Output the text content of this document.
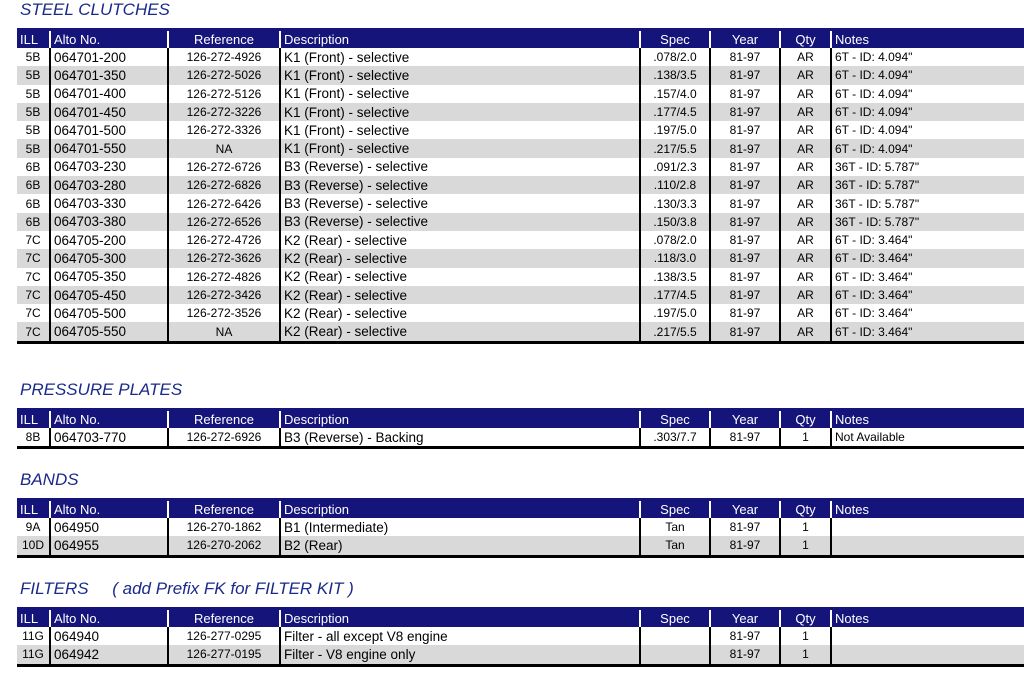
STEEL CLUTCHES
ILL	Alto No.	Reference	Description	Spec	Year	Qty	Notes
5B	064701-200	126-272-4926	K1 (Front) - selective	.078/2.0	81-97	AR	6T - ID: 4.094"
5B	064701-350	126-272-5026	K1 (Front) - selective	.138/3.5	81-97	AR	6T - ID: 4.094"
5B	064701-400	126-272-5126	K1 (Front) - selective	.157/4.0	81-97	AR	6T - ID: 4.094"
5B	064701-450	126-272-3226	K1 (Front) - selective	.177/4.5	81-97	AR	6T - ID: 4.094"
5B	064701-500	126-272-3326	K1 (Front) - selective	.197/5.0	81-97	AR	6T - ID: 4.094"
5B	064701-550	NA	K1 (Front) - selective	.217/5.5	81-97	AR	6T - ID: 4.094"
6B	064703-230	126-272-6726	B3 (Reverse) - selective	.091/2.3	81-97	AR	36T - ID: 5.787"
6B	064703-280	126-272-6826	B3 (Reverse) - selective	.110/2.8	81-97	AR	36T - ID: 5.787"
6B	064703-330	126-272-6426	B3 (Reverse) - selective	.130/3.3	81-97	AR	36T - ID: 5.787"
6B	064703-380	126-272-6526	B3 (Reverse) - selective	.150/3.8	81-97	AR	36T - ID: 5.787"
7C	064705-200	126-272-4726	K2 (Rear) - selective	.078/2.0	81-97	AR	6T - ID: 3.464"
7C	064705-300	126-272-3626	K2 (Rear) - selective	.118/3.0	81-97	AR	6T - ID: 3.464"
7C	064705-350	126-272-4826	K2 (Rear) - selective	.138/3.5	81-97	AR	6T - ID: 3.464"
7C	064705-450	126-272-3426	K2 (Rear) - selective	.177/4.5	81-97	AR	6T - ID: 3.464"
7C	064705-500	126-272-3526	K2 (Rear) - selective	.197/5.0	81-97	AR	6T - ID: 3.464"
7C	064705-550	NA	K2 (Rear) - selective	.217/5.5	81-97	AR	6T - ID: 3.464"
PRESSURE PLATES
ILL	Alto No.	Reference	Description	Spec	Year	Qty	Notes
8B	064703-770	126-272-6926	B3 (Reverse) - Backing	.303/7.7	81-97	1	Not Available
BANDS
ILL	Alto No.	Reference	Description	Spec	Year	Qty	Notes
9A	064950	126-270-1862	B1 (Intermediate)	Tan	81-97	1	
10D	064955	126-270-2062	B2 (Rear)	Tan	81-97	1	
FILTERS     ( add Prefix FK for FILTER KIT )
ILL	Alto No.	Reference	Description	Spec	Year	Qty	Notes
11G	064940	126-277-0295	Filter - all except V8 engine		81-97	1	
11G	064942	126-277-0195	Filter - V8 engine only		81-97	1	
